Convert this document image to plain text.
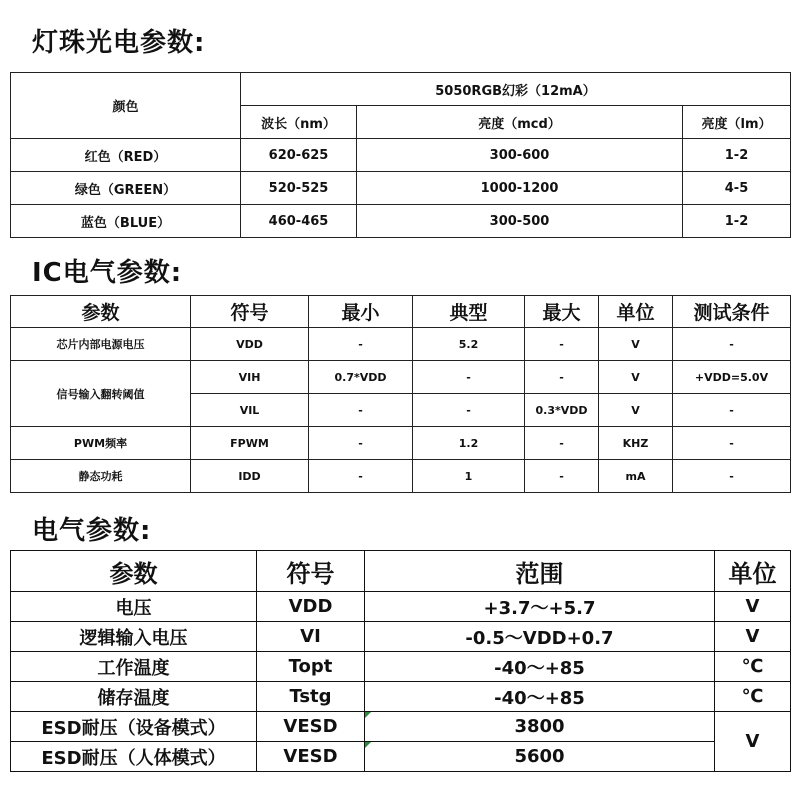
灯珠光电参数:
颜色	5050RGB幻彩（12mA）		
	波长（nm）	亮度（mcd）	亮度（lm）
红色（RED）	620-625	300-600	1-2
绿色（GREEN）	520-525	1000-1200	4-5
蓝色（BLUE）	460-465	300-500	1-2
IC电气参数:
参数	符号	最小	典型	最大	单位	测试条件
芯片内部电源电压	VDD	-	5.2	-	V	-
信号输入翻转阈值	VIH	0.7*VDD	-	-	V	+VDD=5.0V
	VIL	-	-	0.3*VDD	V	-
PWM频率	FPWM	-	1.2	-	KHZ	-
静态功耗	IDD	-	1	-	mA	-
电气参数:
参数	符号	范围	单位
电压	VDD	+3.7～+5.7	V
逻辑输入电压	VI	-0.5～VDD+0.7	V
工作温度	Topt	-40～+85	℃
储存温度	Tstg	-40～+85	℃
ESD耐压（设备模式）	VESD	3800	V
ESD耐压（人体模式）	VESD	5600	
